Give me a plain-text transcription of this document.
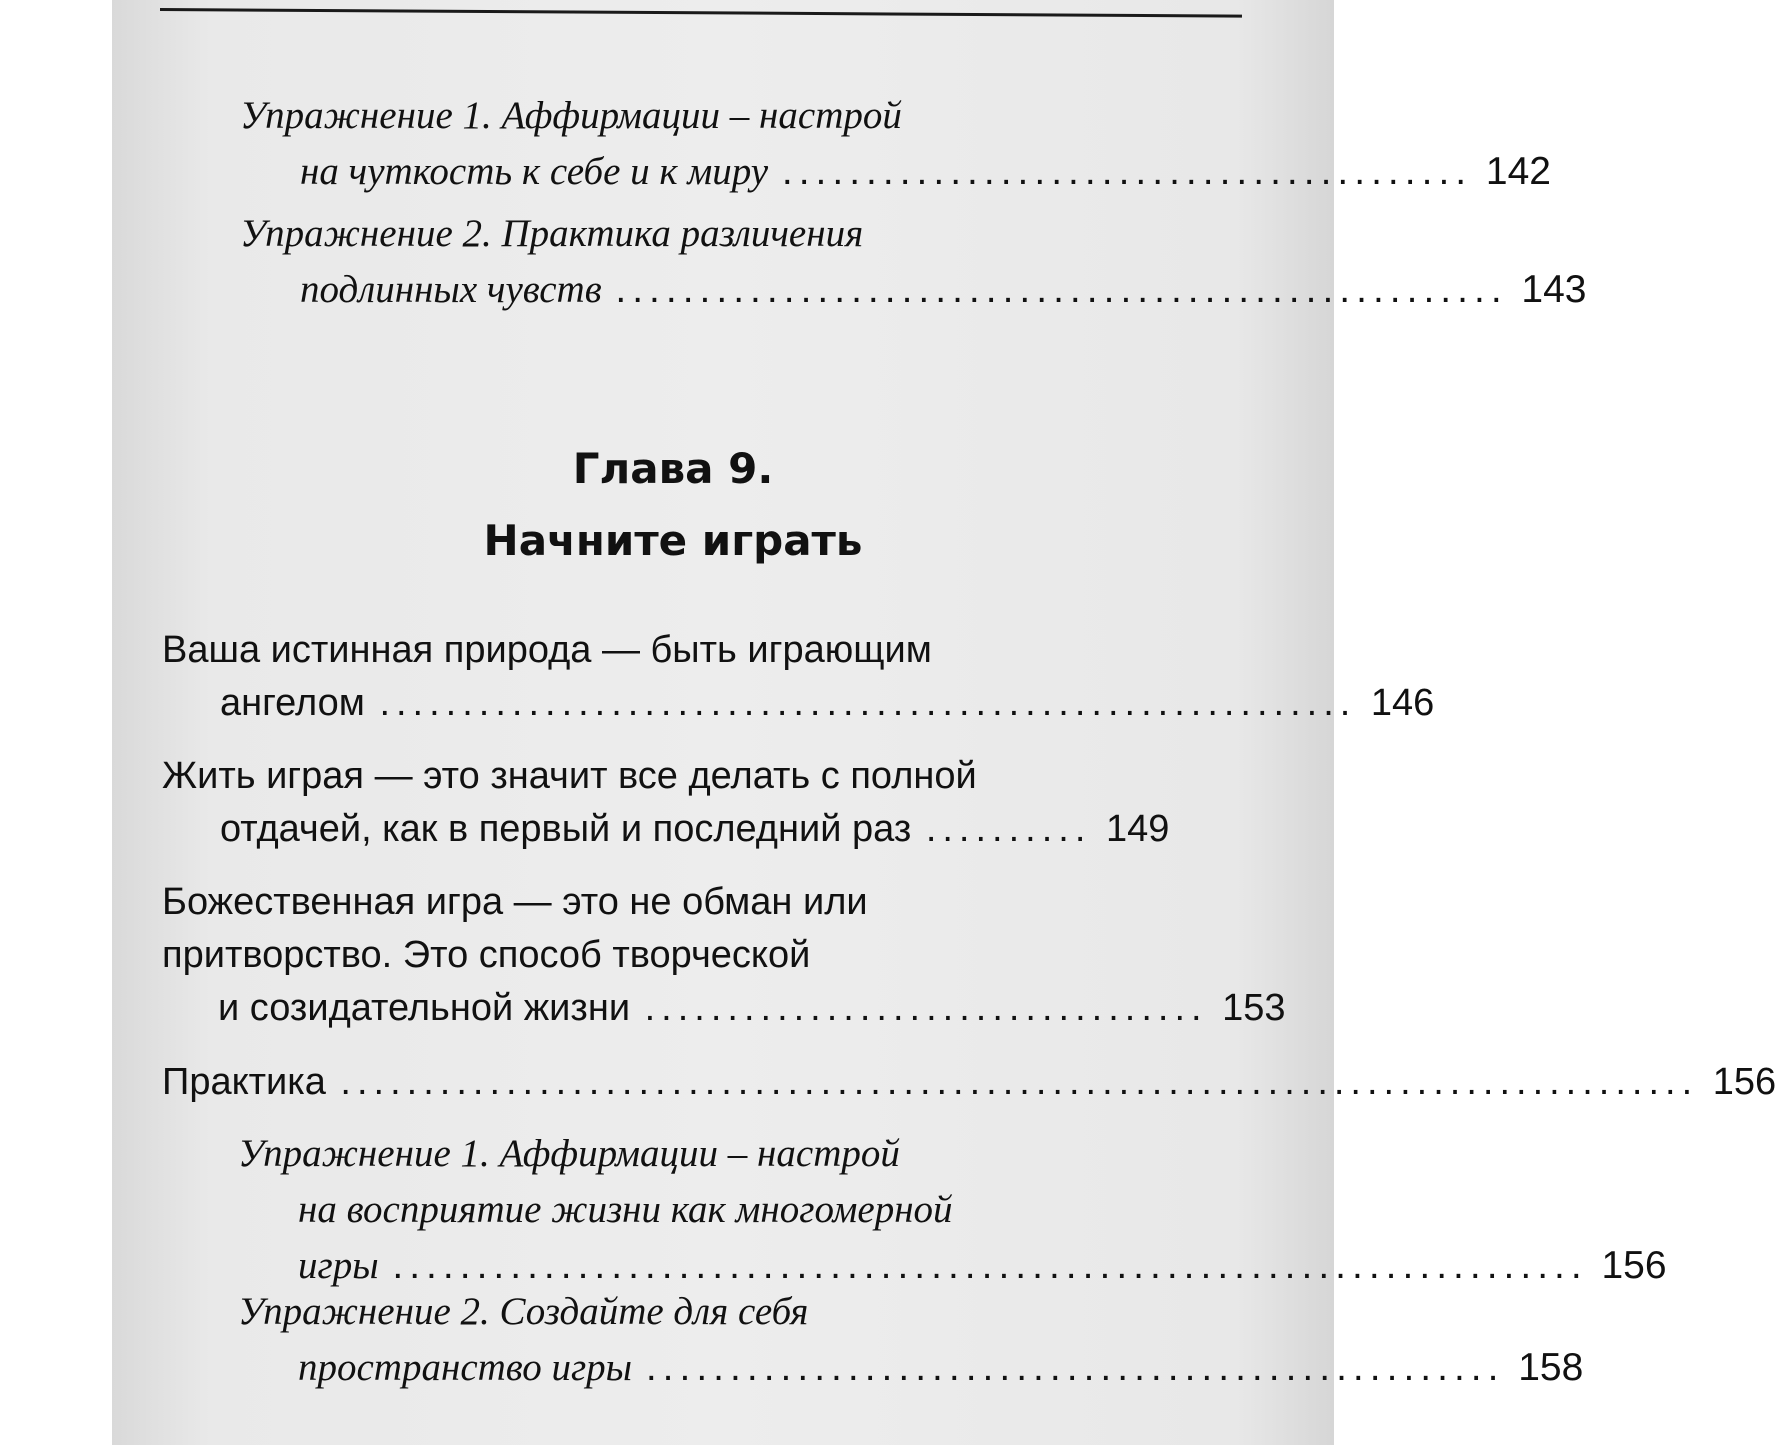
Упражнение 1. Аффирмации – настрой
на чуткость к себе и к миру ......................................... 142
Упражнение 2. Практика различения
подлинных чувств ..................................................... 143
Глава 9.
Начните играть
Ваша истинная природа — быть играющим
ангелом ........................................................... 146
Жить играя — это значит все делать с полной
отдачей, как в первый и последний раз .......... 149
Божественная игра — это не обман или
притворство. Это способ творческой
и созидательной жизни .................................. 153
Практика .................................................................................. 156
Упражнение 1. Аффирмации – настрой
на восприятие жизни как многомерной
игры ....................................................................... 156
Упражнение 2. Создайте для себя
пространство игры ................................................... 158
